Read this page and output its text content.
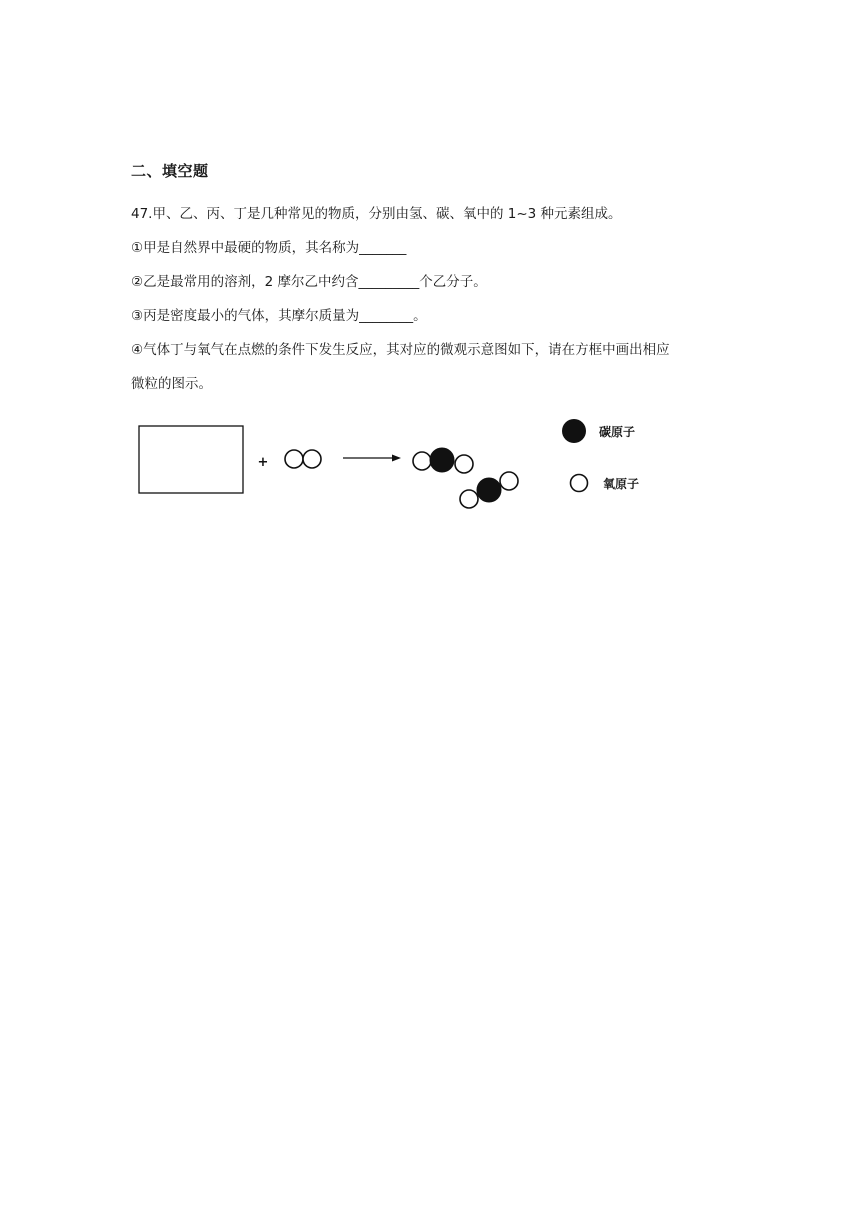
二、填空题
47.甲、乙、丙、丁是几种常见的物质，分别由氢、碳、氧中的 1~3 种元素组成。
①甲是自然界中最硬的物质，其名称为_______
②乙是最常用的溶剂，2 摩尔乙中约含_________个乙分子。
③丙是密度最小的气体，其摩尔质量为________。
④气体丁与氧气在点燃的条件下发生反应，其对应的微观示意图如下，请在方框中画出相应
微粒的图示。
+
碳原子
氧原子
